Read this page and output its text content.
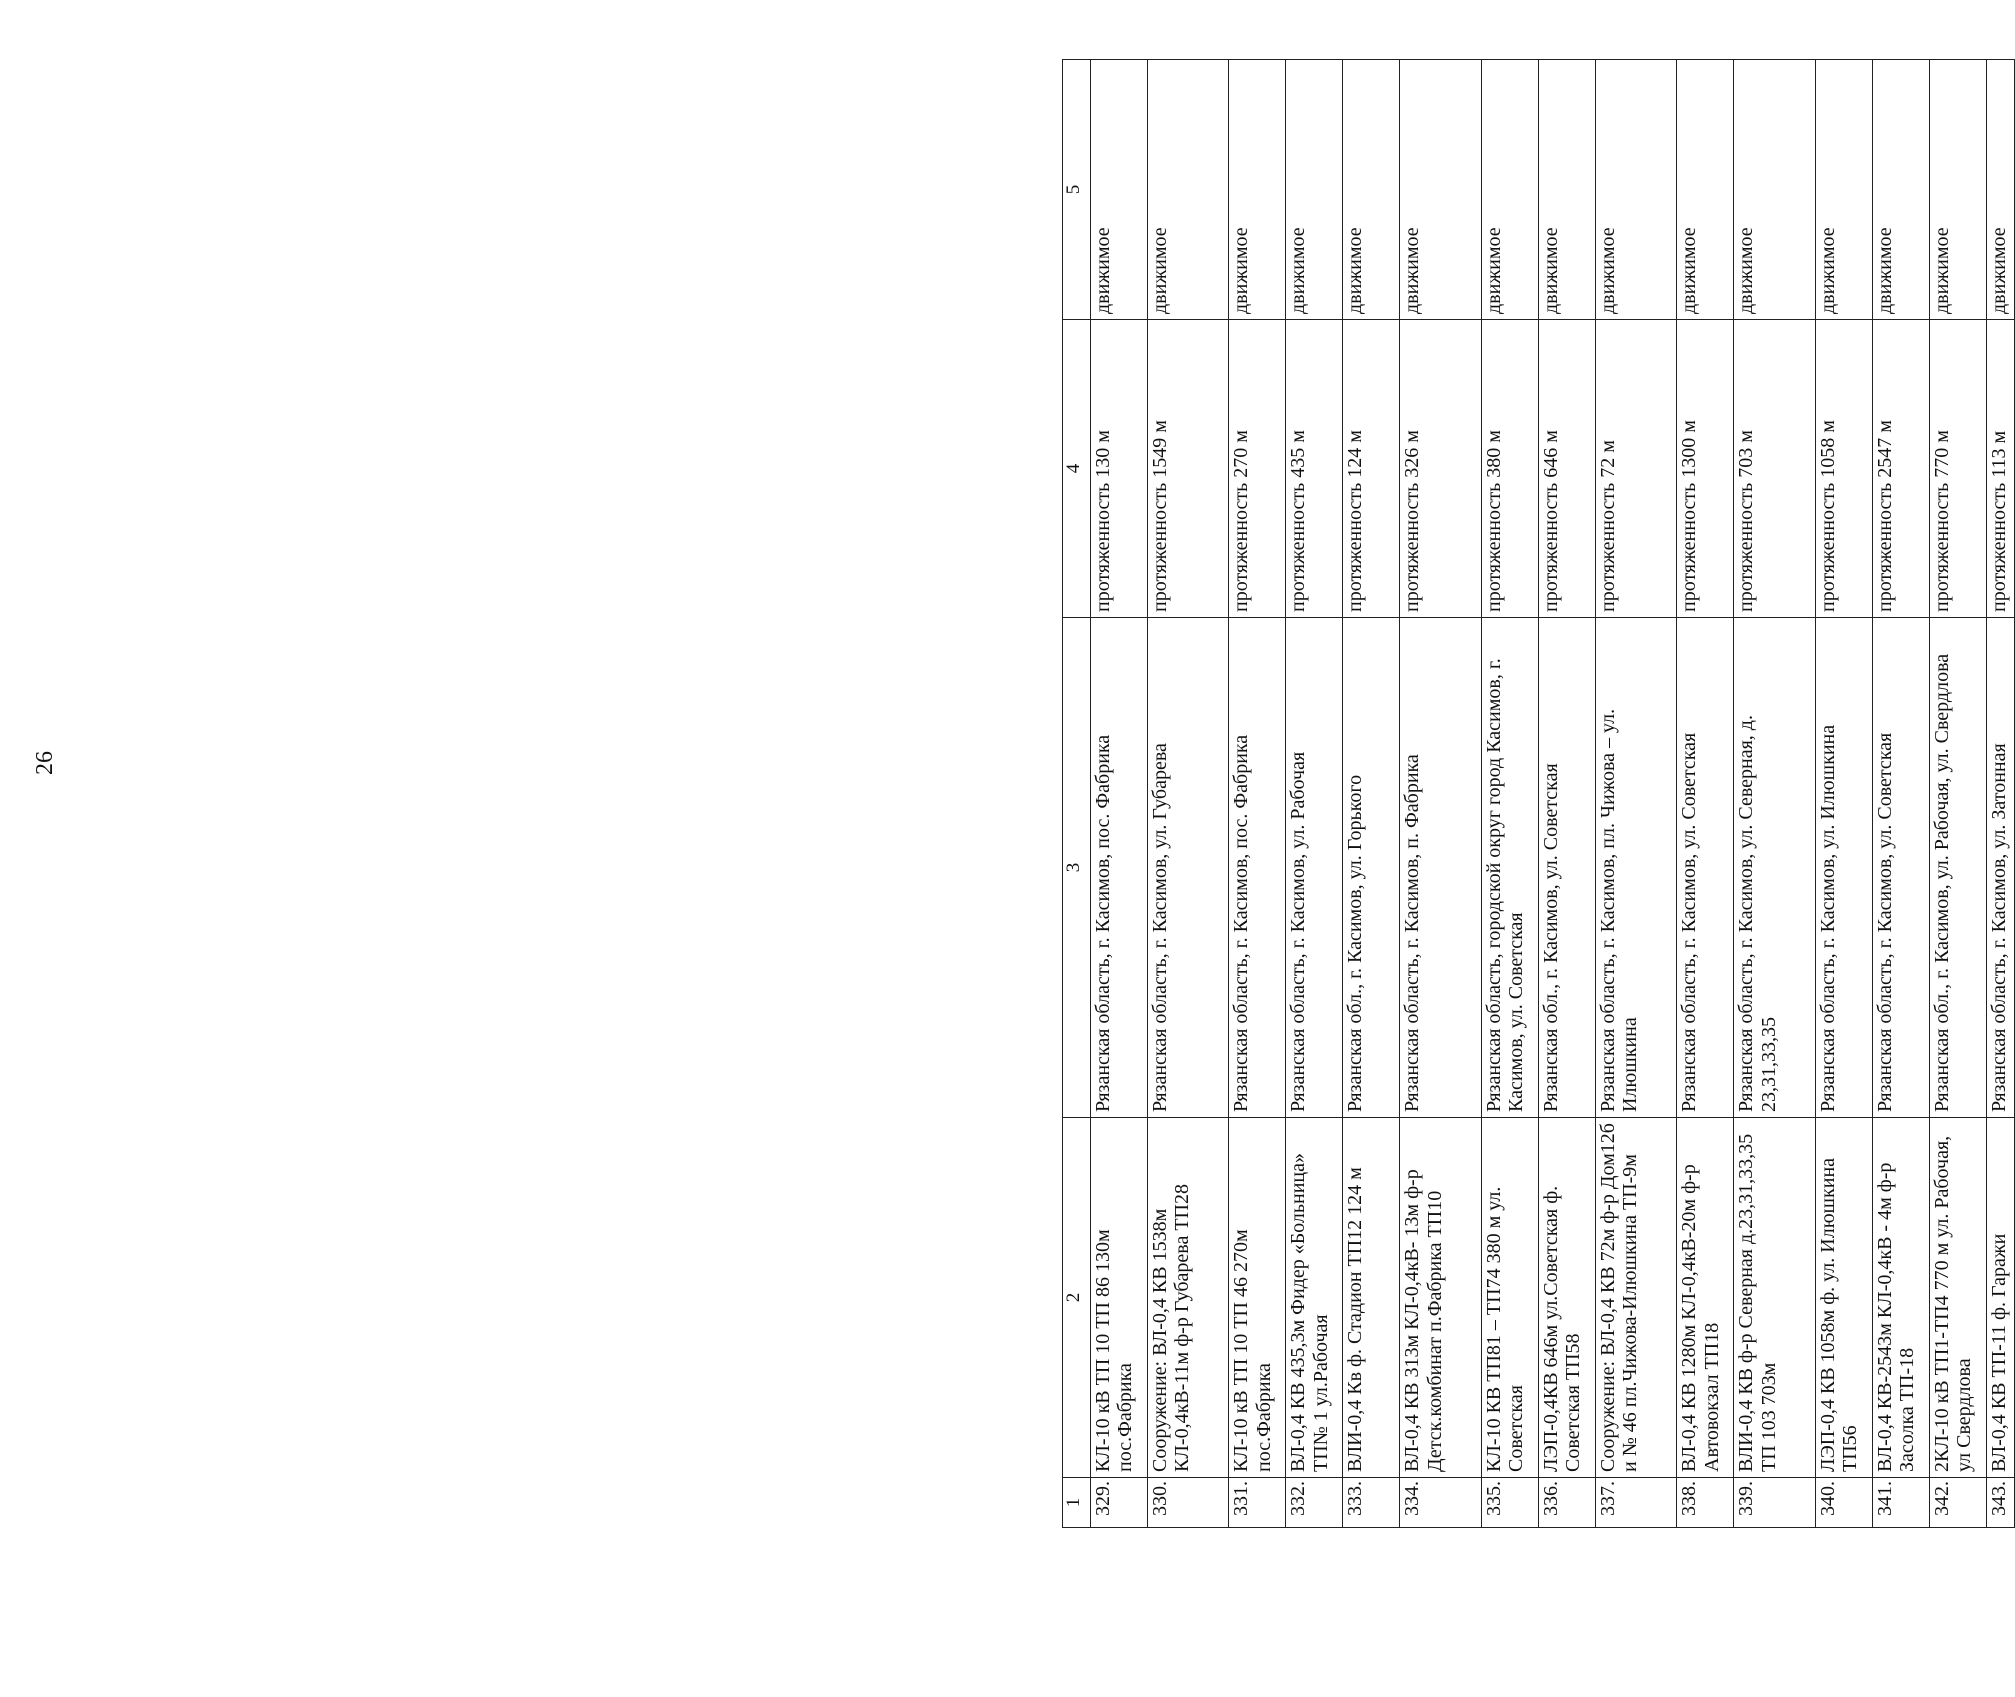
26
1	2	3	4	5
329.	КЛ-10 кВ ТП 10 ТП 86 130м пос.Фабрика	Рязанская область, г. Касимов, пос. Фабрика	протяженность 130 м	движимое
330.	Сооружение: ВЛ-0,4 КВ 1538м КЛ-0,4кВ-11м ф-р Губарева ТП28	Рязанская область, г. Касимов, ул. Губарева	протяженность 1549 м	движимое
331.	КЛ-10 кВ ТП 10 ТП 46 270м пос.Фабрика	Рязанская область, г. Касимов, пос. Фабрика	протяженность 270 м	движимое
332.	ВЛ-0,4 КВ 435,3м Фидер «Больница» ТП№ 1 ул.Рабочая	Рязанская область, г. Касимов, ул. Рабочая	протяженность 435 м	движимое
333.	ВЛИ-0,4 Кв ф. Стадион ТП12 124 м	Рязанская обл., г. Касимов, ул. Горького	протяженность 124 м	движимое
334.	ВЛ-0,4 КВ 313м КЛ-0,4кВ- 13м ф-р Детск.комбинат п.Фабрика ТП10	Рязанская область, г. Касимов, п. Фабрика	протяженность 326 м	движимое
335.	КЛ-10 КВ ТП81 – ТП74 380 м ул. Советская	Рязанская область, городской округ город Касимов, г. Касимов, ул. Советская	протяженность 380 м	движимое
336.	ЛЭП-0,4КВ 646м ул.Советская ф. Советская ТП58	Рязанская обл., г. Касимов, ул. Советская	протяженность 646 м	движимое
337.	Сооружение: ВЛ-0,4 КВ 72м ф-р Дом12б и № 46 пл.Чижова-Илюшкина ТП-9м	Рязанская область, г. Касимов, пл. Чижова – ул. Илюшкина	протяженность 72 м	движимое
338.	ВЛ-0,4 КВ 1280м КЛ-0,4кВ-20м ф-р Автовокзал ТП18	Рязанская область, г. Касимов, ул. Советская	протяженность 1300 м	движимое
339.	ВЛИ-0,4 КВ ф-р Северная д.23,31,33,35 ТП 103 703м	Рязанская область, г. Касимов, ул. Северная, д. 23,31,33,35	протяженность 703 м	движимое
340.	ЛЭП-0,4 КВ 1058м ф. ул. Илюшкина ТП56	Рязанская область, г. Касимов, ул. Илюшкина	протяженность 1058 м	движимое
341.	ВЛ-0,4 КВ-2543м КЛ-0,4кВ - 4м ф-р Засолка ТП-18	Рязанская область, г. Касимов, ул. Советская	протяженность 2547 м	движимое
342.	2КЛ-10 кВ ТП1-ТП4 770 м ул. Рабочая, ул Свердлова	Рязанская обл., г. Касимов, ул. Рабочая, ул. Свердлова	протяженность 770 м	движимое
343.	ВЛ-0,4 КВ ТП-11 ф. Гаражи	Рязанская область, г. Касимов, ул. Затонная	протяженность 113 м	движимое
